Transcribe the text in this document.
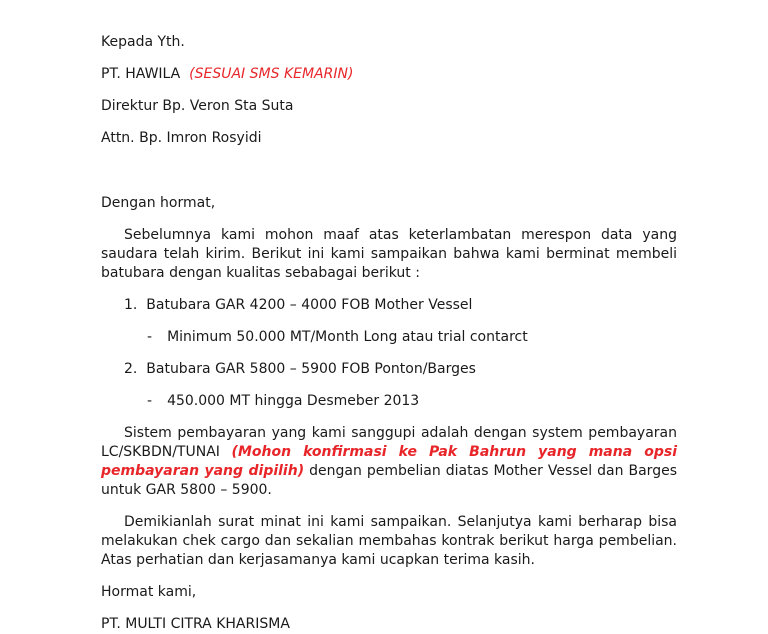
Kepada Yth.
PT. HAWILA (SESUAI SMS KEMARIN)
Direktur Bp. Veron Sta Suta
Attn. Bp. Imron Rosyidi
Dengan hormat,
Sebelumnya kami mohon maaf atas keterlambatan merespon data yang saudara telah kirim. Berikut ini kami sampaikan bahwa kami berminat membeli batubara dengan kualitas sebabagai berikut :
1. Batubara GAR 4200 – 4000 FOB Mother Vessel
- Minimum 50.000 MT/Month Long atau trial contarct
2. Batubara GAR 5800 – 5900 FOB Ponton/Barges
- 450.000 MT hingga Desmeber 2013
Sistem pembayaran yang kami sanggupi adalah dengan system pembayaran LC/SKBDN/TUNAI (Mohon konfirmasi ke Pak Bahrun yang mana opsi pembayaran yang dipilih) dengan pembelian diatas Mother Vessel dan Barges untuk GAR 5800 – 5900.
Demikianlah surat minat ini kami sampaikan. Selanjutya kami berharap bisa melakukan chek cargo dan sekalian membahas kontrak berikut harga pembelian. Atas perhatian dan kerjasamanya kami ucapkan terima kasih.
Hormat kami,
PT. MULTI CITRA KHARISMA
